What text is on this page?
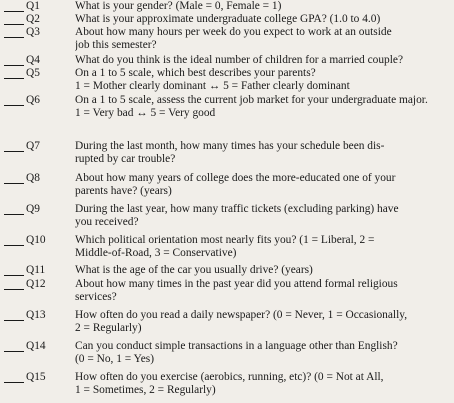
Q1	What is your gender? (Male = 0, Female = 1)
Q2	What is your approximate undergraduate college GPA? (1.0 to 4.0)
Q3	About how many hours per week do you expect to work at an outside
job this semester?
Q4	What do you think is the ideal number of children for a married couple?
Q5	On a 1 to 5 scale, which best describes your parents?
1 = Mother clearly dominant ↔ 5 = Father clearly dominant
Q6	On a 1 to 5 scale, assess the current job market for your undergraduate major.
1 = Very bad ↔ 5 = Very good
Q7	During the last month, how many times has your schedule been dis-
rupted by car trouble?
Q8	About how many years of college does the more-educated one of your
parents have? (years)
Q9	During the last year, how many traffic tickets (excluding parking) have
you received?
Q10	Which political orientation most nearly fits you? (1 = Liberal, 2 =
Middle-of-Road, 3 = Conservative)
Q11	What is the age of the car you usually drive? (years)
Q12	About how many times in the past year did you attend formal religious
services?
Q13	How often do you read a daily newspaper? (0 = Never, 1 = Occasionally,
2 = Regularly)
Q14	Can you conduct simple transactions in a language other than English?
(0 = No, 1 = Yes)
Q15	How often do you exercise (aerobics, running, etc)? (0 = Not at All,
1 = Sometimes, 2 = Regularly)
